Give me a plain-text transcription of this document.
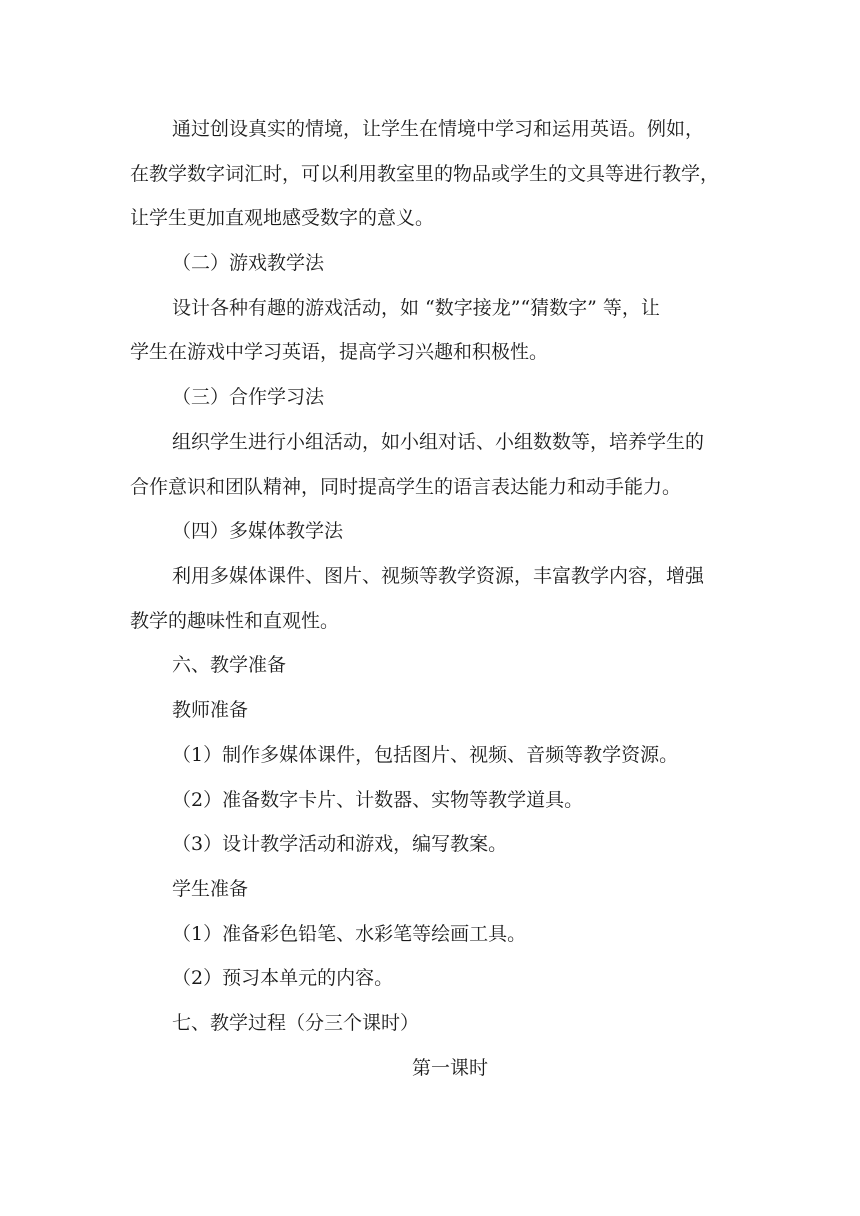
通过创设真实的情境，让学生在情境中学习和运用英语。例如，
在教学数字词汇时，可以利用教室里的物品或学生的文具等进行教学，
让学生更加直观地感受数字的意义。
（二）游戏教学法
设计各种有趣的游戏活动，如 “数字接龙”“猜数字” 等，让
学生在游戏中学习英语，提高学习兴趣和积极性。
（三）合作学习法
组织学生进行小组活动，如小组对话、小组数数等，培养学生的
合作意识和团队精神，同时提高学生的语言表达能力和动手能力。
（四）多媒体教学法
利用多媒体课件、图片、视频等教学资源，丰富教学内容，增强
教学的趣味性和直观性。
六、教学准备
教师准备
（1）制作多媒体课件，包括图片、视频、音频等教学资源。
（2）准备数字卡片、计数器、实物等教学道具。
（3）设计教学活动和游戏，编写教案。
学生准备
（1）准备彩色铅笔、水彩笔等绘画工具。
（2）预习本单元的内容。
七、教学过程（分三个课时）
第一课时
